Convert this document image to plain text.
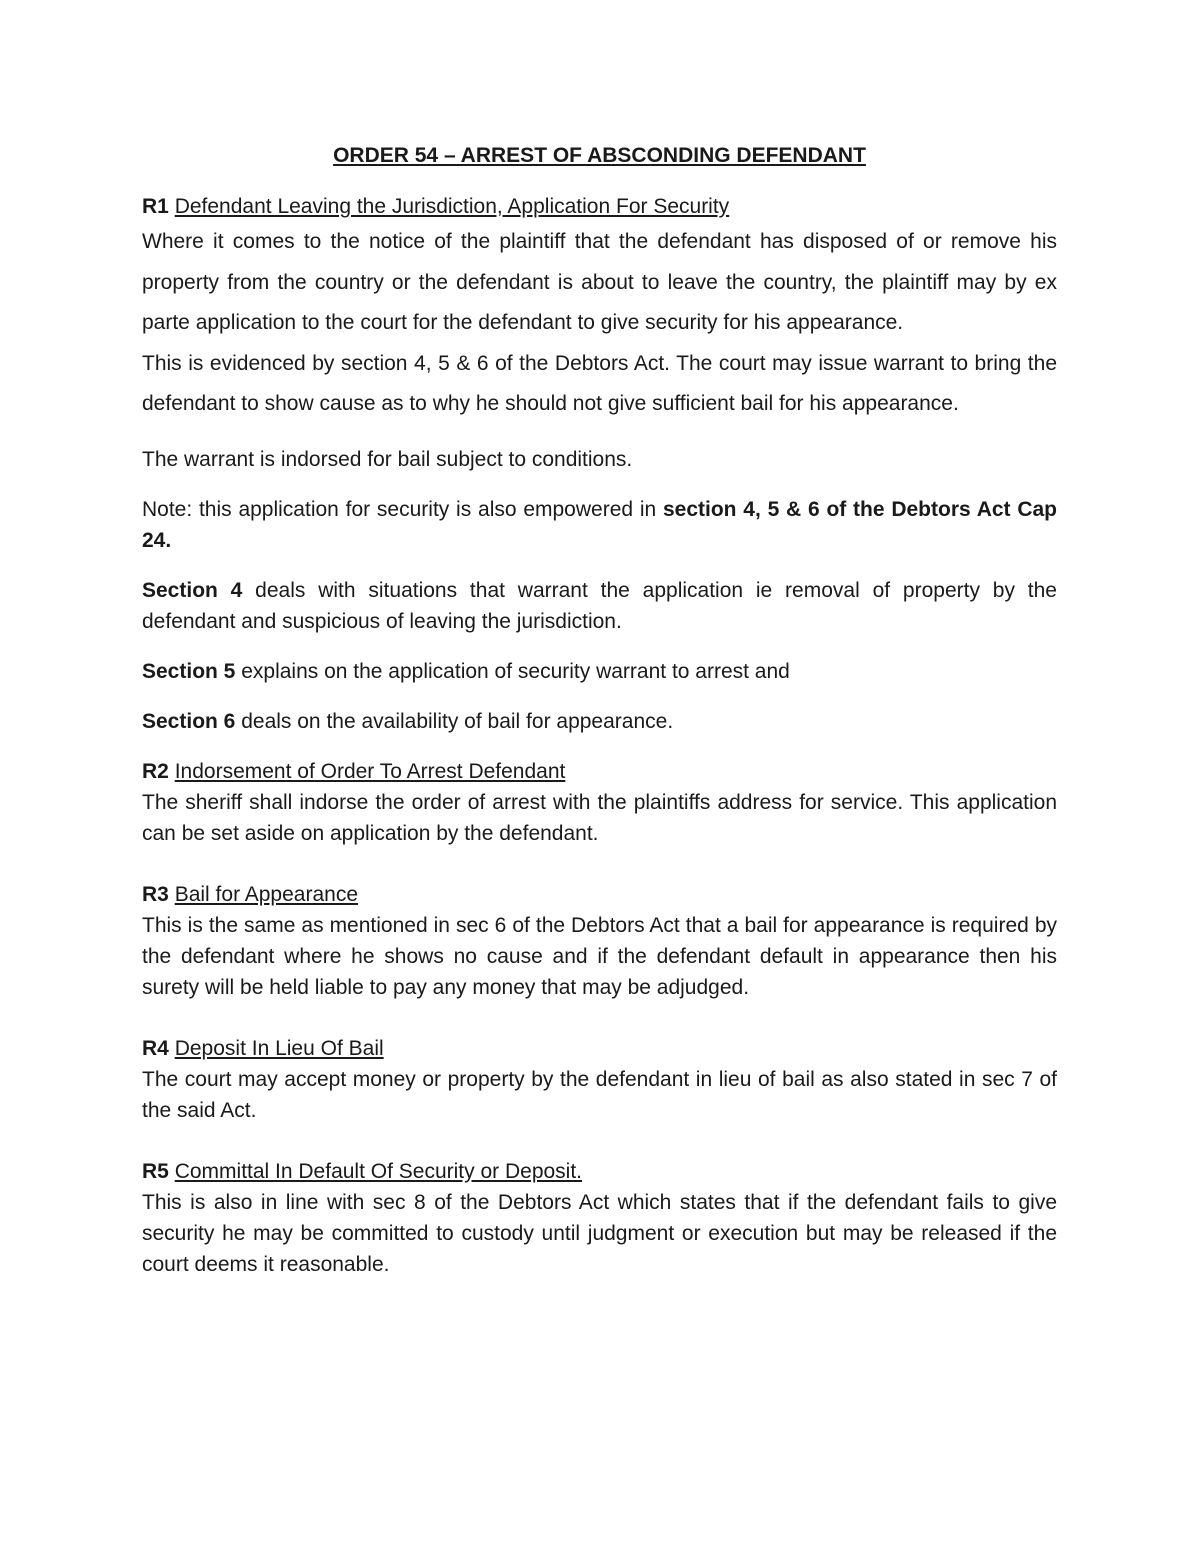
ORDER 54 – ARREST OF ABSCONDING DEFENDANT
R1 Defendant Leaving the Jurisdiction, Application For Security

Where it comes to the notice of the plaintiff that the defendant has disposed of or remove his property from the country or the defendant is about to leave the country, the plaintiff may by ex parte application to the court for the defendant to give security for his appearance.

This is evidenced by section 4, 5 & 6 of the Debtors Act. The court may issue warrant to bring the defendant to show cause as to why he should not give sufficient bail for his appearance.

The warrant is indorsed for bail subject to conditions.

Note: this application for security is also empowered in section 4, 5 & 6 of the Debtors Act Cap 24.

Section 4 deals with situations that warrant the application ie removal of property by the defendant and suspicious of leaving the jurisdiction.

Section 5 explains on the application of security warrant to arrest and

Section 6 deals on the availability of bail for appearance.

R2 Indorsement of Order To Arrest Defendant

The sheriff shall indorse the order of arrest with the plaintiffs address for service. This application can be set aside on application by the defendant.

R3 Bail for Appearance

This is the same as mentioned in sec 6 of the Debtors Act that a bail for appearance is required by the defendant where he shows no cause and if the defendant default in appearance then his surety will be held liable to pay any money that may be adjudged.

R4 Deposit In Lieu Of Bail

The court may accept money or property by the defendant in lieu of bail as also stated in sec 7 of the said Act.

R5 Committal In Default Of Security or Deposit.

This is also in line with sec 8 of the Debtors Act which states that if the defendant fails to give security he may be committed to custody until judgment or execution but may be released if the court deems it reasonable.
